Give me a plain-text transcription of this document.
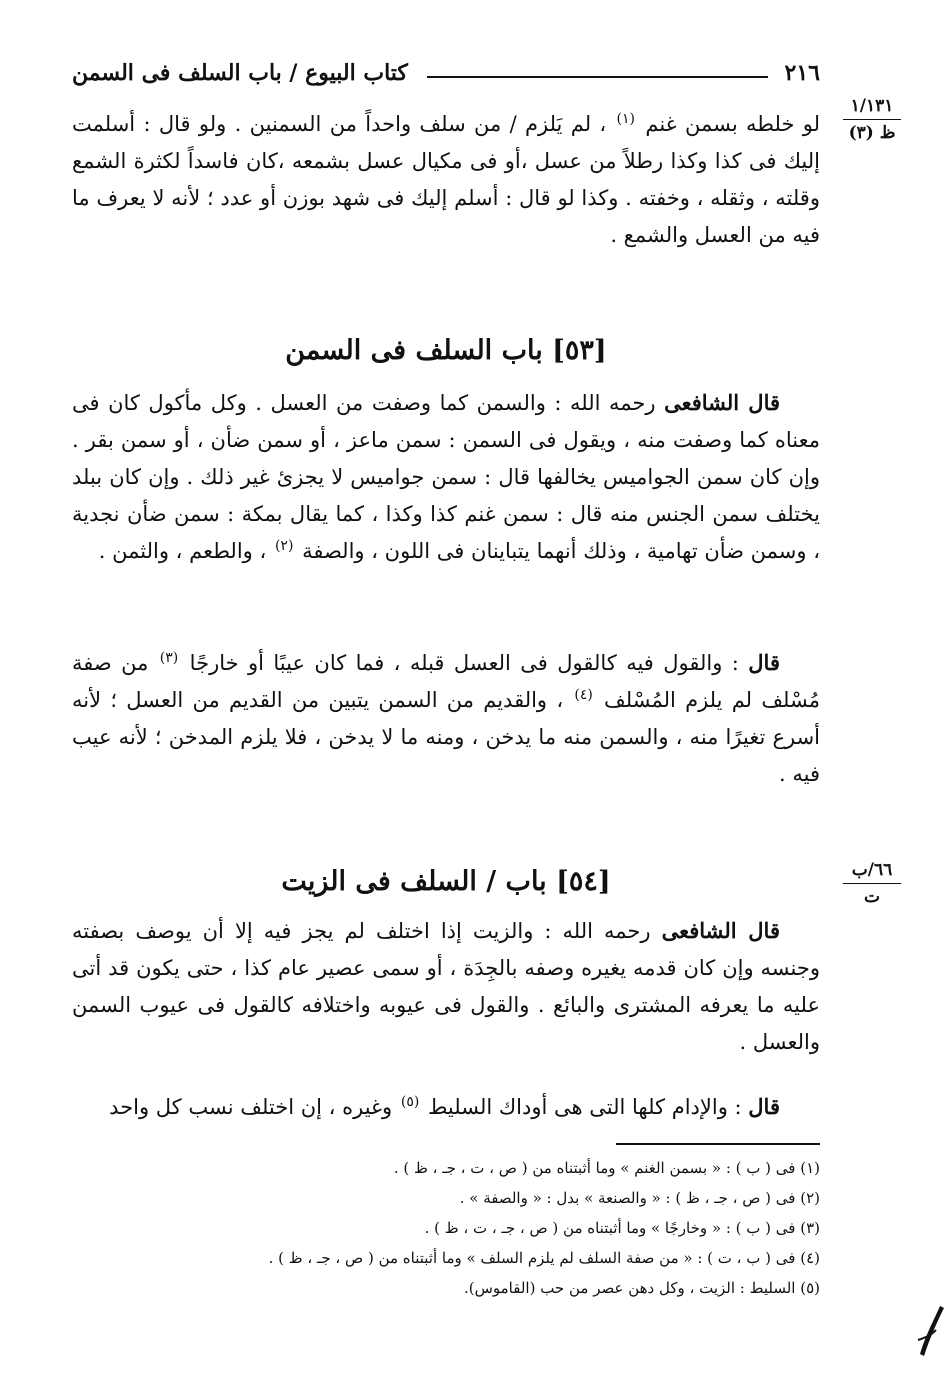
٢١٦
كتاب البيوع / باب السلف فى السمن
١/١٣١
ظ (٣)
٦٦/ب
ت

لو خلطه بسمن غنم $^{(١)}$ ، لم يَلزم / من سلف واحداً من السمنين . ولو قال : أسلمت إليك فى كذا وكذا رطلاً من عسل ،أو فى مكيال عسل بشمعه ،كان فاسداً لكثرة الشمع وقلته ، وثقله ، وخفته . وكذا لو قال : أسلم إليك فى شهد بوزن أو عدد ؛ لأنه لا يعرف ما فيه من العسل والشمع .

[٥٣] باب السلف فى السمن

قال الشافعى رحمه الله : والسمن كما وصفت من العسل . وكل مأكول كان فى معناه كما وصفت منه ، ويقول فى السمن : سمن ماعز ، أو سمن ضأن ، أو سمن بقر . وإن كان سمن الجواميس يخالفها قال : سمن جواميس لا يجزئ غير ذلك . وإن كان ببلد يختلف سمن الجنس منه قال : سمن غنم كذا وكذا ، كما يقال بمكة : سمن ضأن نجدية ، وسمن ضأن تهامية ، وذلك أنهما يتباينان فى اللون ، والصفة $^{(٢)}$ ، والطعم ، والثمن .

قال : والقول فيه كالقول فى العسل قبله ، فما كان عيبًا أو خارجًا $^{(٣)}$ من صفة مُسْلف لم يلزم المُسْلف $^{(٤)}$ ، والقديم من السمن يتبين من القديم من العسل ؛ لأنه أسرع تغيرًا منه ، والسمن منه ما يدخن ، ومنه ما لا يدخن ، فلا يلزم المدخن ؛ لأنه عيب فيه .

[٥٤] باب / السلف فى الزيت

قال الشافعى رحمه الله : والزيت إذا اختلف لم يجز فيه إلا أن يوصف بصفته وجنسه وإن كان قدمه يغيره وصفه بالجِدَة ، أو سمى عصير عام كذا ، حتى يكون قد أتى عليه ما يعرفه المشترى والبائع . والقول فى عيوبه واختلافه كالقول فى عيوب السمن والعسل .

قال : والإدام كلها التى هى أوداك السليط $^{(٥)}$ وغيره ، إن اختلف نسب كل واحد

(١) فى ( ب ) : « بسمن الغنم » وما أثبتناه من ( ص ، ت ، جـ ، ظ ) .
(٢) فى ( ص ، جـ ، ظ ) : « والصنعة » بدل : « والصفة » .
(٣) فى ( ب ) : « وخارجًا » وما أثبتناه من ( ص ، جـ ، ت ، ظ ) .
(٤) فى ( ب ، ت ) : « من صفة السلف لم يلزم السلف » وما أثبتناه من ( ص ، جـ ، ظ ) .
(٥) السليط : الزيت ، وكل دهن عصر من حب (القاموس).
